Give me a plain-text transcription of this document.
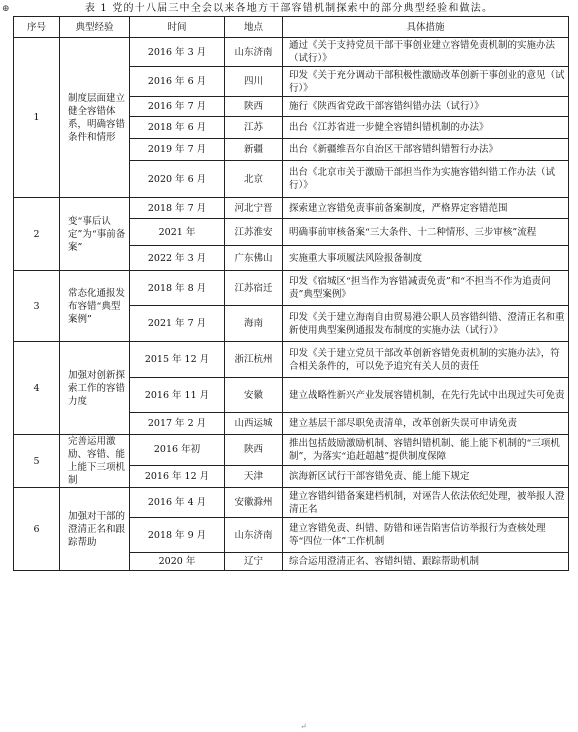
⊕	表 1 党的十八届三中全会以来各地方干部容错机制探索中的部分典型经验和做法。
序号	典型经验	时间	地点	具体措施
1	制度层面建立健全容错体系，明确容错条件和情形	2016 年 3 月	山东济南	通过《关于支持党员干部干事创业建立容错免责机制的实施办法（试行）》
		2016 年 6 月	四川	印发《关于充分调动干部积极性激励改革创新干事创业的意见（试行）》
		2016 年 7 月	陕西	施行《陕西省党政干部容错纠错办法（试行）》
		2018 年 6 月	江苏	出台《江苏省进一步健全容错纠错机制的办法》
		2019 年 7 月	新疆	出台《新疆维吾尔自治区干部容错纠错暂行办法》
		2020 年 6 月	北京	出台《北京市关于激励干部担当作为实施容错纠错工作办法（试行）》
2	变“事后认定”为“事前备案”	2018 年 7 月	河北宁晋	探索建立容错免责事前备案制度，严格界定容错范围
		2021 年	江苏淮安	明确事前审核备案“三大条件、十二种情形、三步审核”流程
		2022 年 3 月	广东佛山	实施重大事项履法风险报备制度
3	常态化通报发布容错“典型案例”	2018 年 8 月	江苏宿迁	印发《宿城区“担当作为容错减责免责”和“不担当不作为追责问责”典型案例》
		2021 年 7 月	海南	印发《关于建立海南自由贸易港公职人员容错纠错、澄清正名和重新使用典型案例通报发布制度的实施办法（试行）》
4	加强对创新探索工作的容错力度	2015 年 12 月	浙江杭州	印发《关于建立党员干部改革创新容错免责机制的实施办法》，符合相关条件的，可以免予追究有关人员的责任
		2016 年 11 月	安徽	建立战略性新兴产业发展容错机制，在先行先试中出现过失可免责
		2017 年 2 月	山西运城	建立基层干部尽职免责清单，改革创新失误可申请免责
5	完善运用激励、容错、能上能下三项机制	2016 年初	陕西	推出包括鼓励激励机制、容错纠错机制、能上能下机制的“三项机制”，为落实“追赶超越”提供制度保障
		2016 年 12 月	天津	滨海新区试行干部容错免责、能上能下规定
6	加强对干部的澄清正名和跟踪帮助	2016 年 4 月	安徽滁州	建立容错纠错备案建档机制，对诬告人依法依纪处理，被举报人澄清正名
		2018 年 9 月	山东济南	建立容错免责、纠错、防错和诬告陷害信访举报行为查核处理等“四位一体”工作机制
		2020 年	辽宁	综合运用澄清正名、容错纠错、跟踪帮助机制
↵
